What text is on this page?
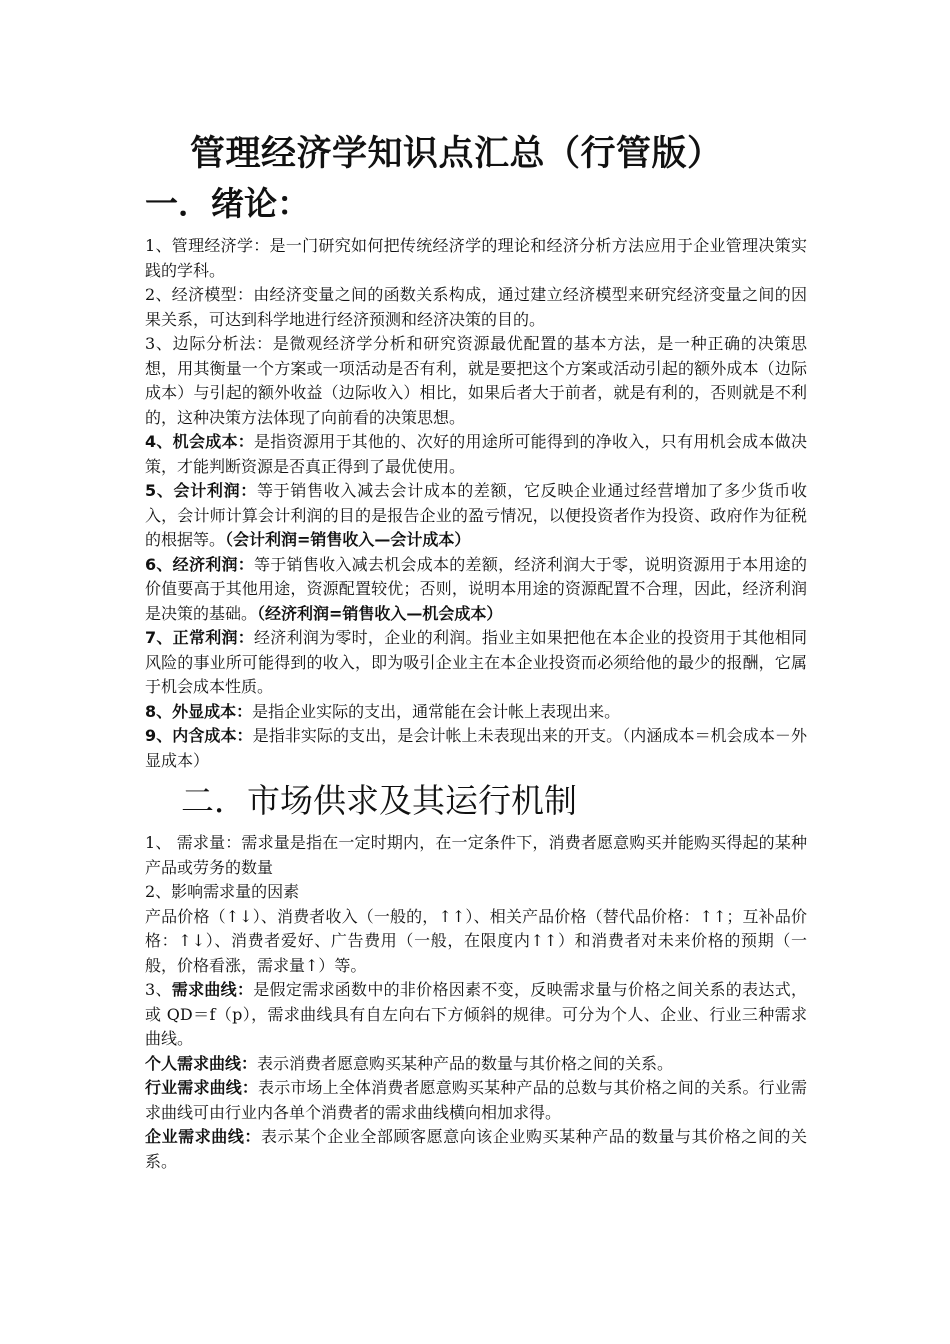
管理经济学知识点汇总（行管版）
一．绪论：

1、管理经济学：是一门研究如何把传统经济学的理论和经济分析方法应用于企业管理决策实践的学科。

2、经济模型：由经济变量之间的函数关系构成，通过建立经济模型来研究经济变量之间的因果关系，可达到科学地进行经济预测和经济决策的目的。

3、边际分析法：是微观经济学分析和研究资源最优配置的基本方法，是一种正确的决策思想，用其衡量一个方案或一项活动是否有利，就是要把这个方案或活动引起的额外成本（边际成本）与引起的额外收益（边际收入）相比，如果后者大于前者，就是有利的，否则就是不利的，这种决策方法体现了向前看的决策思想。

4、机会成本：是指资源用于其他的、次好的用途所可能得到的净收入，只有用机会成本做决策，才能判断资源是否真正得到了最优使用。

5、会计利润：等于销售收入减去会计成本的差额，它反映企业通过经营增加了多少货币收入，会计师计算会计利润的目的是报告企业的盈亏情况，以便投资者作为投资、政府作为征税的根据等。（会计利润=销售收入—会计成本）

6、经济利润：等于销售收入减去机会成本的差额，经济利润大于零，说明资源用于本用途的价值要高于其他用途，资源配置较优；否则，说明本用途的资源配置不合理，因此，经济利润是决策的基础。（经济利润=销售收入—机会成本）

7、正常利润：经济利润为零时，企业的利润。指业主如果把他在本企业的投资用于其他相同风险的事业所可能得到的收入，即为吸引企业主在本企业投资而必须给他的最少的报酬，它属于机会成本性质。

8、外显成本：是指企业实际的支出，通常能在会计帐上表现出来。

9、内含成本：是指非实际的支出，是会计帐上未表现出来的开支。（内涵成本＝机会成本－外显成本）

二．市场供求及其运行机制

1、 需求量：需求量是指在一定时期内，在一定条件下，消费者愿意购买并能购买得起的某种产品或劳务的数量

2、影响需求量的因素

产品价格（↑↓）、消费者收入（一般的，↑↑）、相关产品价格（替代品价格：↑↑；互补品价格：↑↓）、消费者爱好、广告费用（一般，在限度内↑↑）和消费者对未来价格的预期（一般，价格看涨，需求量↑）等。

3、需求曲线：是假定需求函数中的非价格因素不变，反映需求量与价格之间关系的表达式，或 QD＝f（p），需求曲线具有自左向右下方倾斜的规律。可分为个人、企业、行业三种需求曲线。

个人需求曲线：表示消费者愿意购买某种产品的数量与其价格之间的关系。

行业需求曲线：表示市场上全体消费者愿意购买某种产品的总数与其价格之间的关系。行业需求曲线可由行业内各单个消费者的需求曲线横向相加求得。

企业需求曲线：表示某个企业全部顾客愿意向该企业购买某种产品的数量与其价格之间的关系。
